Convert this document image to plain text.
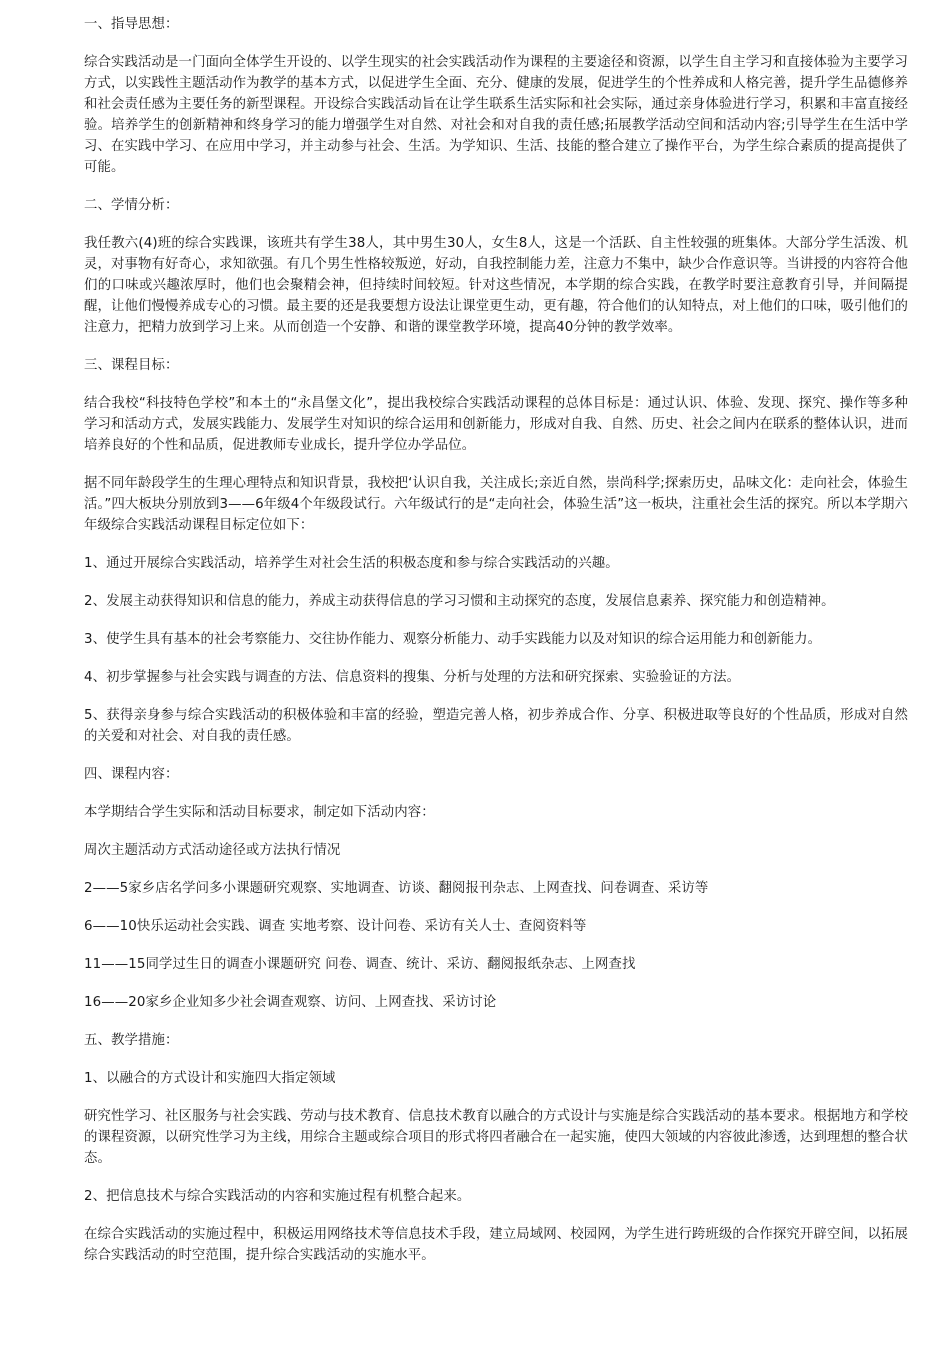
一、指导思想：

综合实践活动是一门面向全体学生开设的、以学生现实的社会实践活动作为课程的主要途径和资源，以学生自主学习和直接体验为主要学习方式，以实践性主题活动作为教学的基本方式，以促进学生全面、充分、健康的发展，促进学生的个性养成和人格完善，提升学生品德修养和社会责任感为主要任务的新型课程。开设综合实践活动旨在让学生联系生活实际和社会实际，通过亲身体验进行学习，积累和丰富直接经验。培养学生的创新精神和终身学习的能力增强学生对自然、对社会和对自我的责任感;拓展教学活动空间和活动内容;引导学生在生活中学习、在实践中学习、在应用中学习，并主动参与社会、生活。为学知识、生活、技能的整合建立了操作平台，为学生综合素质的提高提供了可能。

二、学情分析：

我任教六(4)班的综合实践课，该班共有学生38人，其中男生30人，女生8人，这是一个活跃、自主性较强的班集体。大部分学生活泼、机灵，对事物有好奇心，求知欲强。有几个男生性格较叛逆，好动，自我控制能力差，注意力不集中，缺少合作意识等。当讲授的内容符合他们的口味或兴趣浓厚时，他们也会聚精会神，但持续时间较短。针对这些情况，本学期的综合实践，在教学时要注意教育引导，并间隔提醒，让他们慢慢养成专心的习惯。最主要的还是我要想方设法让课堂更生动，更有趣，符合他们的认知特点，对上他们的口味，吸引他们的注意力，把精力放到学习上来。从而创造一个安静、和谐的课堂教学环境，提高40分钟的教学效率。

三、课程目标：

结合我校“科技特色学校”和本土的“永昌堡文化”，提出我校综合实践活动课程的总体目标是：通过认识、体验、发现、探究、操作等多种学习和活动方式，发展实践能力、发展学生对知识的综合运用和创新能力，形成对自我、自然、历史、社会之间内在联系的整体认识，进而培养良好的个性和品质，促进教师专业成长，提升学位办学品位。

据不同年龄段学生的生理心理特点和知识背景，我校把‘认识自我，关注成长;亲近自然，崇尚科学;探索历史，品味文化：走向社会，体验生活。”四大板块分别放到3——6年级4个年级段试行。六年级试行的是“走向社会，体验生活”这一板块，注重社会生活的探究。所以本学期六年级综合实践活动课程目标定位如下：

1、通过开展综合实践活动，培养学生对社会生活的积极态度和参与综合实践活动的兴趣。

2、发展主动获得知识和信息的能力，养成主动获得信息的学习习惯和主动探究的态度，发展信息素养、探究能力和创造精神。

3、使学生具有基本的社会考察能力、交往协作能力、观察分析能力、动手实践能力以及对知识的综合运用能力和创新能力。

4、初步掌握参与社会实践与调查的方法、信息资料的搜集、分析与处理的方法和研究探索、实验验证的方法。

5、获得亲身参与综合实践活动的积极体验和丰富的经验，塑造完善人格，初步养成合作、分享、积极进取等良好的个性品质，形成对自然的关爱和对社会、对自我的责任感。

四、课程内容：

本学期结合学生实际和活动目标要求，制定如下活动内容：

周次主题活动方式活动途径或方法执行情况

2——5家乡店名学问多小课题研究观察、实地调查、访谈、翻阅报刊杂志、上网查找、问卷调查、采访等

6——10快乐运动社会实践、调查 实地考察、设计问卷、采访有关人士、查阅资料等

11——15同学过生日的调查小课题研究 问卷、调查、统计、采访、翻阅报纸杂志、上网查找

16——20家乡企业知多少社会调查观察、访问、上网查找、采访讨论

五、教学措施：

1、以融合的方式设计和实施四大指定领域

研究性学习、社区服务与社会实践、劳动与技术教育、信息技术教育以融合的方式设计与实施是综合实践活动的基本要求。根据地方和学校的课程资源，以研究性学习为主线，用综合主题或综合项目的形式将四者融合在一起实施，使四大领域的内容彼此渗透，达到理想的整合状态。

2、把信息技术与综合实践活动的内容和实施过程有机整合起来。

在综合实践活动的实施过程中，积极运用网络技术等信息技术手段，建立局域网、校园网，为学生进行跨班级的合作探究开辟空间，以拓展综合实践活动的时空范围，提升综合实践活动的实施水平。
